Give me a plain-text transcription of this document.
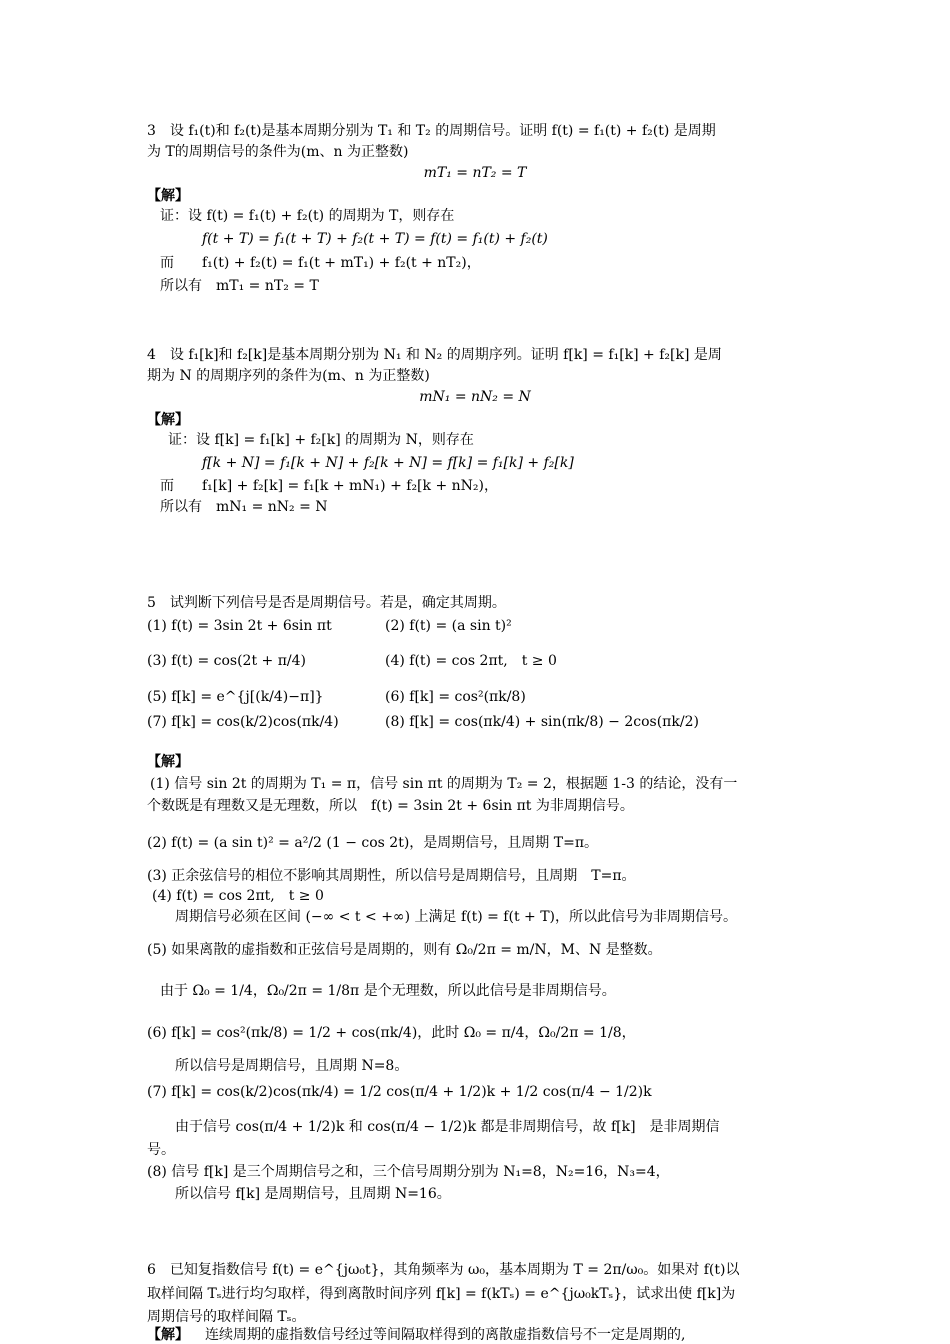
3　设 f₁(t)和 f₂(t)是基本周期分别为 T₁ 和 T₂ 的周期信号。证明 f(t) = f₁(t) + f₂(t) 是周期
为 T的周期信号的条件为(m、n 为正整数)
mT₁ = nT₂ = T
【解】
证：设 f(t) = f₁(t) + f₂(t) 的周期为 T，则存在
f(t + T) = f₁(t + T) + f₂(t + T) = f(t) = f₁(t) + f₂(t)
而　　f₁(t) + f₂(t) = f₁(t + mT₁) + f₂(t + nT₂)，
所以有　mT₁ = nT₂ = T
4　设 f₁[k]和 f₂[k]是基本周期分别为 N₁ 和 N₂ 的周期序列。证明 f[k] = f₁[k] + f₂[k] 是周
期为 N 的周期序列的条件为(m、n 为正整数)
mN₁ = nN₂ = N
【解】
证：设 f[k] = f₁[k] + f₂[k] 的周期为 N，则存在
f[k + N] = f₁[k + N] + f₂[k + N] = f[k] = f₁[k] + f₂[k]
而　　f₁[k] + f₂[k] = f₁[k + mN₁) + f₂[k + nN₂)，
所以有　mN₁ = nN₂ = N
5　试判断下列信号是否是周期信号。若是，确定其周期。
(1) f(t) = 3sin 2t + 6sin πt	(2) f(t) = (a sin t)²
(3) f(t) = cos(2t + π/4)	(4) f(t) = cos 2πt,　t ≥ 0
(5) f[k] = e^{j[(k/4)−π]}	(6) f[k] = cos²(πk/8)
(7) f[k] = cos(k/2)cos(πk/4)	(8) f[k] = cos(πk/4) + sin(πk/8) − 2cos(πk/2)
【解】
(1) 信号 sin 2t 的周期为 T₁ = π，信号 sin πt 的周期为 T₂ = 2，根据题 1-3 的结论，没有一
个数既是有理数又是无理数，所以　f(t) = 3sin 2t + 6sin πt 为非周期信号。
(2) f(t) = (a sin t)² = a²/2 (1 − cos 2t)，是周期信号，且周期 T=π。
(3) 正余弦信号的相位不影响其周期性，所以信号是周期信号，且周期　T=π。
(4) f(t) = cos 2πt,　t ≥ 0
周期信号必须在区间 (−∞ < t < +∞) 上满足 f(t) = f(t + T)，所以此信号为非周期信号。
(5) 如果离散的虚指数和正弦信号是周期的，则有 Ω₀/2π = m/N，M、N 是整数。
由于 Ω₀ = 1/4，Ω₀/2π = 1/8π 是个无理数，所以此信号是非周期信号。
(6) f[k] = cos²(πk/8) = 1/2 + cos(πk/4)，此时 Ω₀ = π/4，Ω₀/2π = 1/8，
所以信号是周期信号，且周期 N=8。
(7) f[k] = cos(k/2)cos(πk/4) = 1/2 cos(π/4 + 1/2)k + 1/2 cos(π/4 − 1/2)k
由于信号 cos(π/4 + 1/2)k 和 cos(π/4 − 1/2)k 都是非周期信号，故 f[k]　是非周期信
号。
(8) 信号 f[k] 是三个周期信号之和，三个信号周期分别为 N₁=8，N₂=16，N₃=4，
所以信号 f[k] 是周期信号，且周期 N=16。
6　已知复指数信号 f(t) = e^{jω₀t}，其角频率为 ω₀，基本周期为 T = 2π/ω₀。如果对 f(t)以
取样间隔 Tₛ进行均匀取样，得到离散时间序列 f[k] = f(kTₛ) = e^{jω₀kTₛ}，试求出使 f[k]为
周期信号的取样间隔 Tₛ。
【解】 连续周期的虚指数信号经过等间隔取样得到的离散虚指数信号不一定是周期的,
